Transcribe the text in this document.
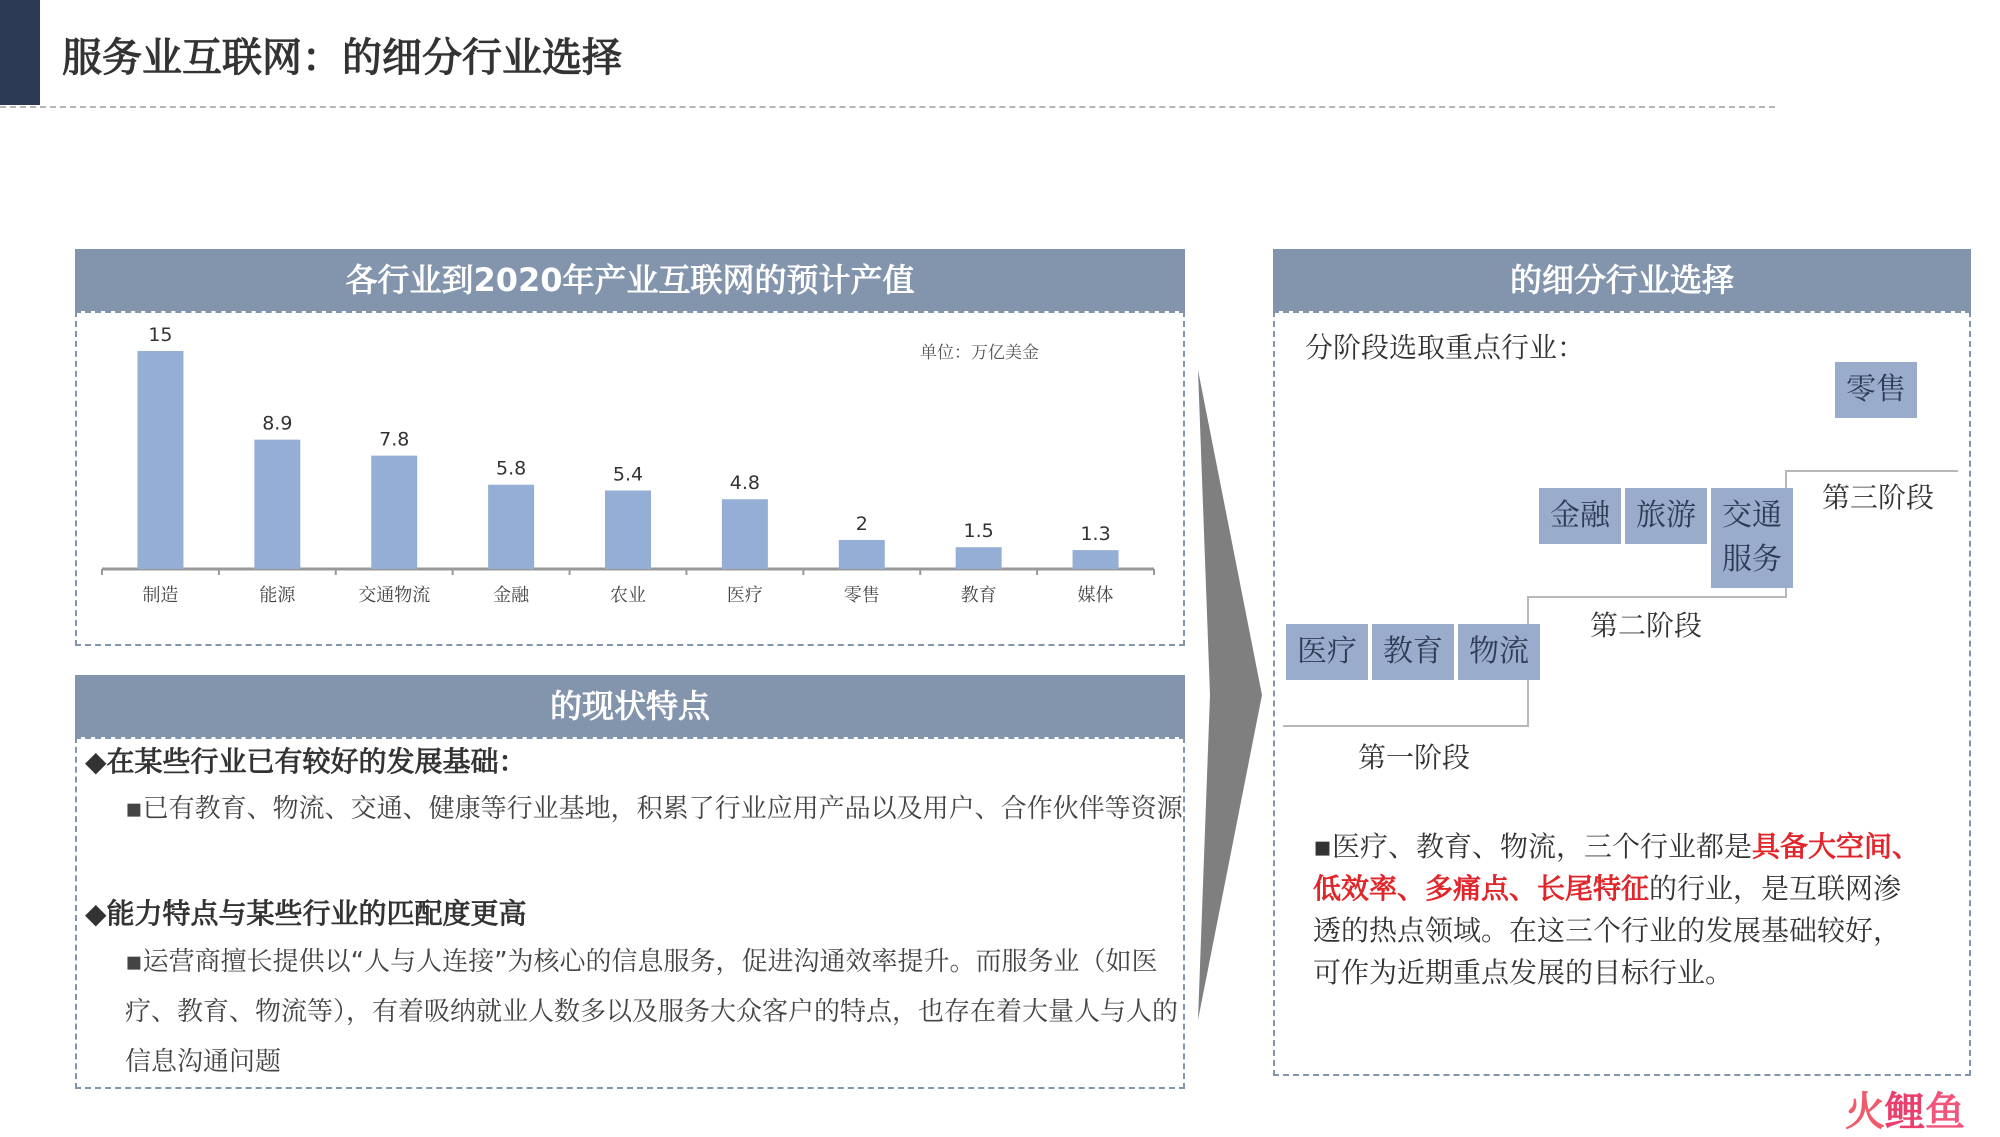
服务业互联网：的细分行业选择
各行业到2020年产业互联网的预计产值
15
制造
8.9
能源
7.8
交通物流
5.8
金融
5.4
农业
4.8
医疗
2
零售
1.5
教育
1.3
媒体
单位：万亿美金
的现状特点
◆在某些行业已有较好的发展基础：
▪已有教育、物流、交通、健康等行业基地，积累了行业应用产品以及用户、合作伙伴等资源
◆能力特点与某些行业的匹配度更高
▪运营商擅长提供以“人与人连接”为核心的信息服务，促进沟通效率提升。而服务业（如医疗、教育、物流等），有着吸纳就业人数多以及服务大众客户的特点，也存在着大量人与人的信息沟通问题
的细分行业选择
分阶段选取重点行业：
零售
第三阶段
金融 旅游 交通
服务
第二阶段
医疗 教育 物流
第一阶段
▪医疗、教育、物流，三个行业都是具备大空间、低效率、多痛点、长尾特征的行业，是互联网渗透的热点领域。在这三个行业的发展基础较好，可作为近期重点发展的目标行业。
火鲤鱼
